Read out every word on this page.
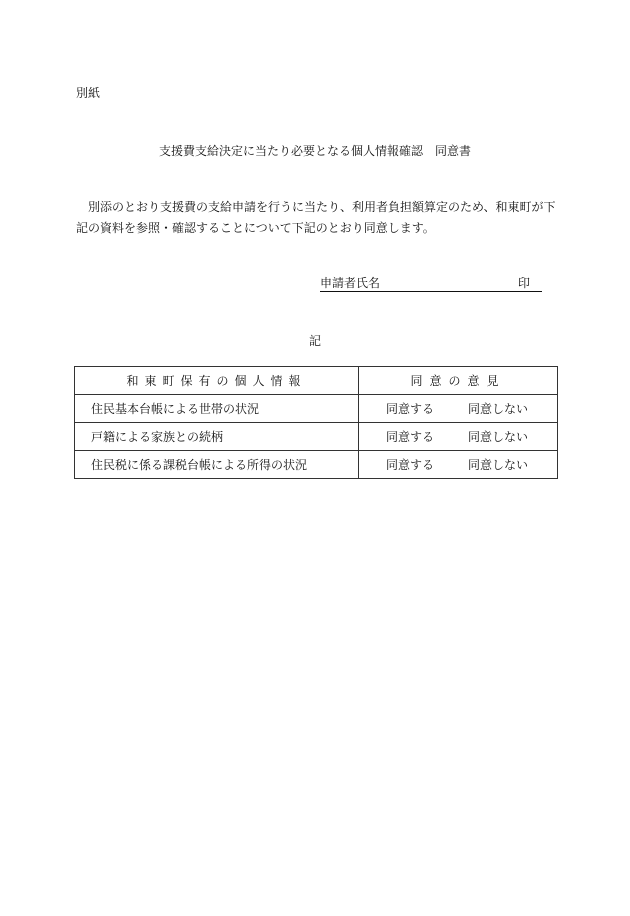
別紙
支援費支給決定に当たり必要となる個人情報確認　同意書
別添のとおり支援費の支給申請を行うに当たり、利用者負担額算定のため、和東町が下
記の資料を参照・確認することについて下記のとおり同意します。
申請者氏名	印
記
和東町保有の個人情報	同意の意見
住民基本台帳による世帯の状況	同意する 同意しない
戸籍による家族との続柄	同意する 同意しない
住民税に係る課税台帳による所得の状況	同意する 同意しない
